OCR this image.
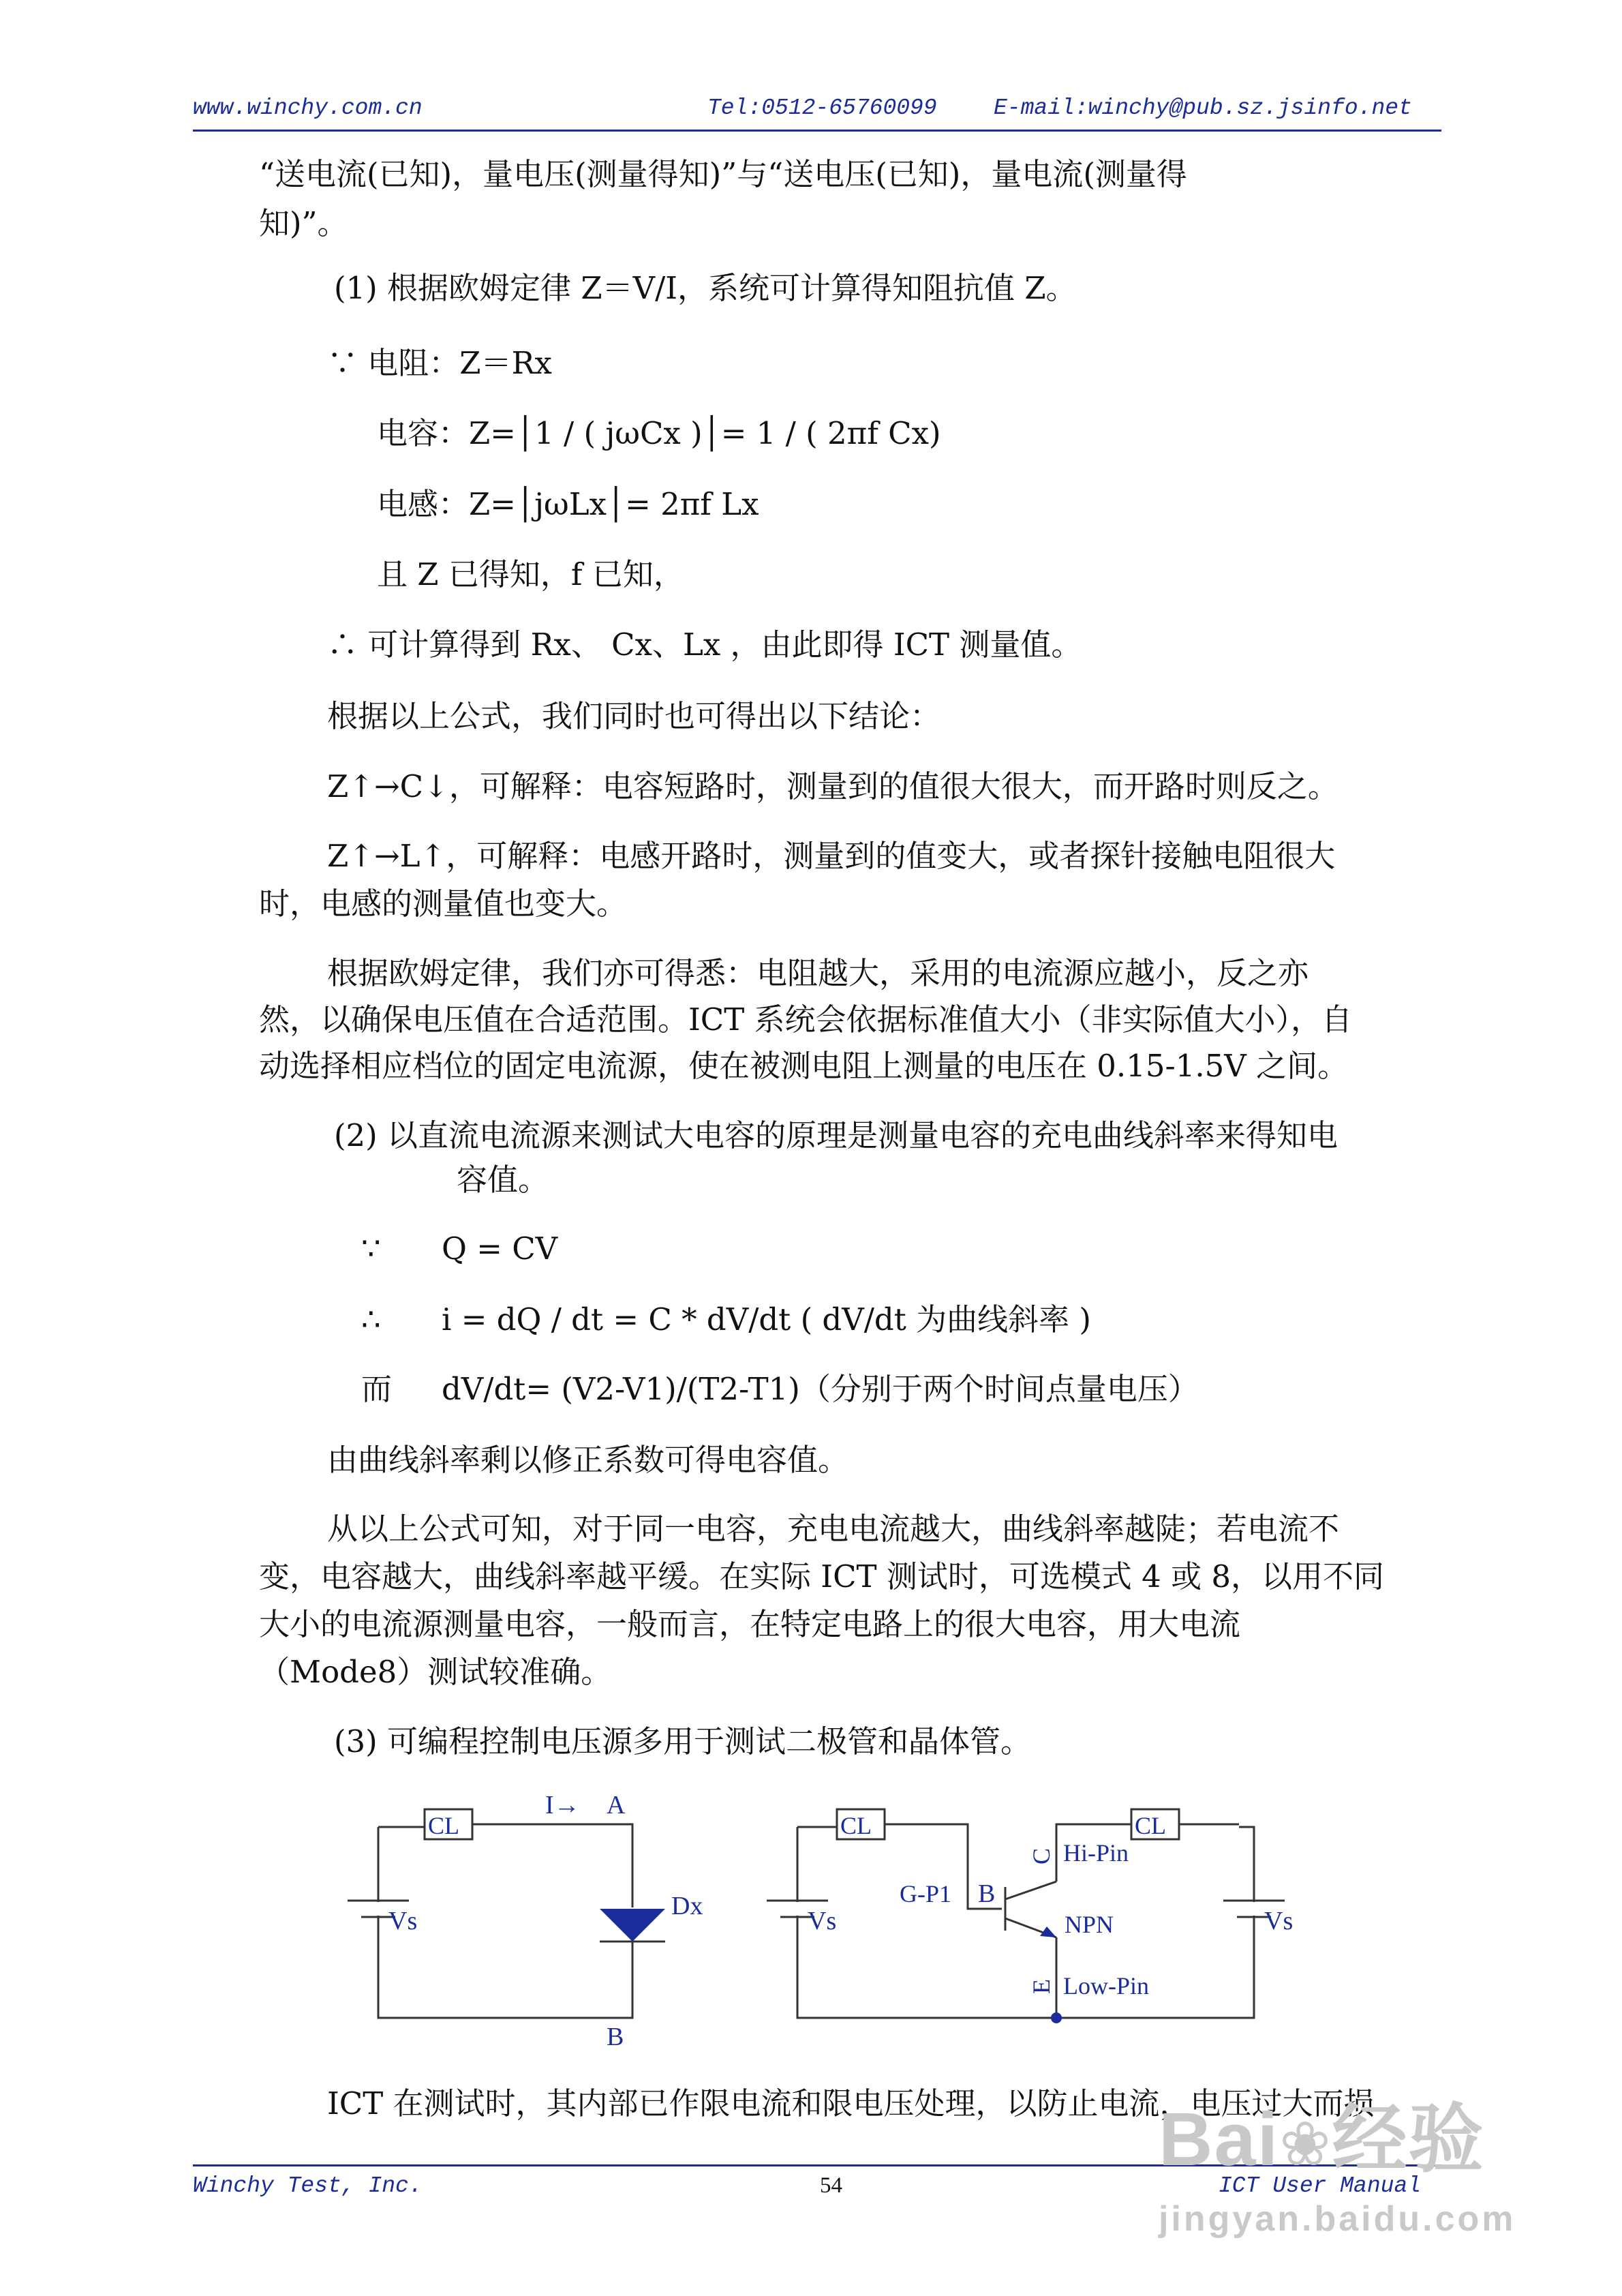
www.winchy.com.cn	Tel:0512-65760099	E-mail:winchy@pub.sz.jsinfo.net
“送电流(已知)，量电压(测量得知)”与“送电压(已知)，量电流(测量得
知)”。
(1) 根据欧姆定律 Z＝V/I，系统可计算得知阻抗值 Z。
∵ 电阻：Z＝Rx
电容：Z=│1 / ( jωCx )│= 1 / ( 2πf Cx)
电感：Z=│jωLx│= 2πf Lx
且 Z 已得知，f 已知，
∴ 可计算得到 Rx、 Cx、Lx ，由此即得 ICT 测量值。
根据以上公式，我们同时也可得出以下结论：
Z↑→C↓，可解释：电容短路时，测量到的值很大很大，而开路时则反之。
Z↑→L↑，可解释：电感开路时，测量到的值变大，或者探针接触电阻很大
时，电感的测量值也变大。
根据欧姆定律，我们亦可得悉：电阻越大，采用的电流源应越小，反之亦
然，以确保电压值在合适范围。ICT 系统会依据标准值大小（非实际值大小），自
动选择相应档位的固定电流源，使在被测电阻上测量的电压在 0.15-1.5V 之间。
(2) 以直流电流源来测试大电容的原理是测量电容的充电曲线斜率来得知电
容值。
∵ Q = CV
∴ i = dQ / dt = C * dV/dt ( dV/dt 为曲线斜率 )
而 dV/dt= (V2-V1)/(T2-T1)（分别于两个时间点量电压）
由曲线斜率剩以修正系数可得电容值。
从以上公式可知，对于同一电容，充电电流越大，曲线斜率越陡；若电流不
变，电容越大，曲线斜率越平缓。在实际 ICT 测试时，可选模式 4 或 8，以用不同
大小的电流源测量电容，一般而言，在特定电路上的很大电容，用大电流
（Mode8）测试较准确。
(3) 可编程控制电压源多用于测试二极管和晶体管。
CL
I→ A
Dx
Vs
B
CL	CL
C Hi-Pin
G-P1 B
NPN
E Low-Pin
Vs	Vs
ICT 在测试时，其内部已作限电流和限电压处理，以防止电流，电压过大而损
Winchy Test, Inc.	54	ICT User Manual
Bai❀经验
jingyan.baidu.com
